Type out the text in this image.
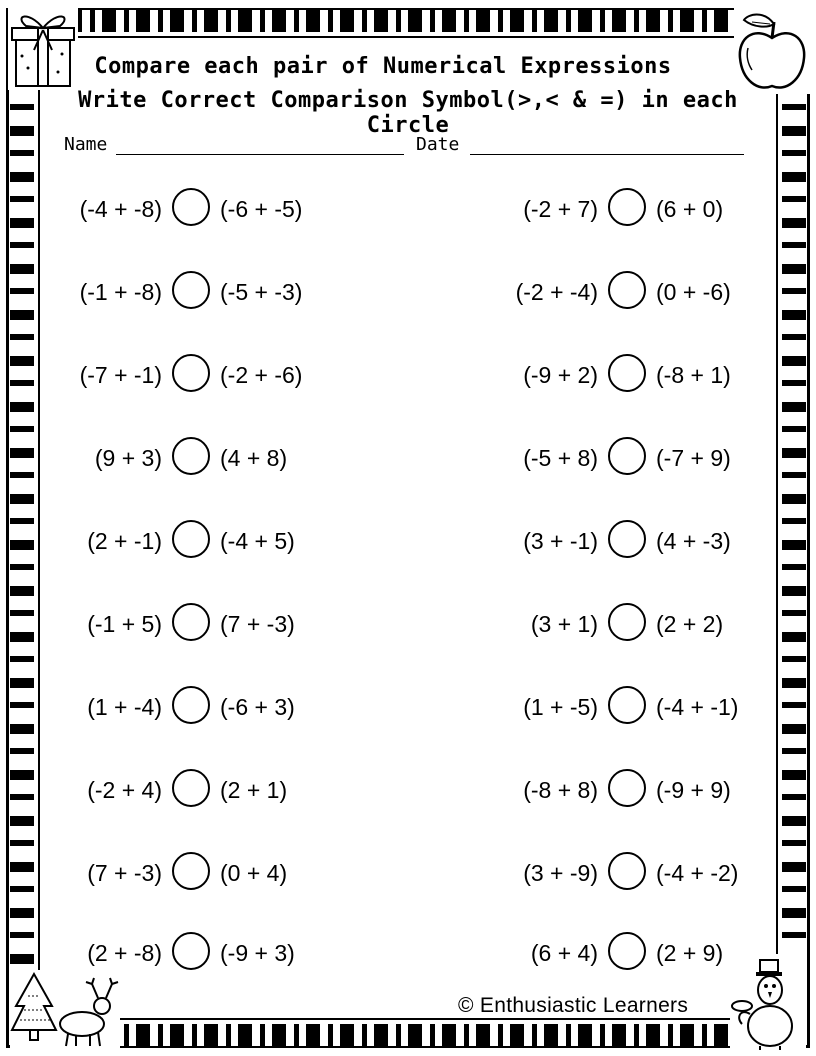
Compare each pair of Numerical Expressions
Write Correct Comparison Symbol(>,< & =) in each Circle
Name	Date
(-4 + -8)	(-6 + -5)
(-1 + -8)	(-5 + -3)
(-7 + -1)	(-2 + -6)
(9 + 3)	(4 + 8)
(2 + -1)	(-4 + 5)
(-1 + 5)	(7 + -3)
(1 + -4)	(-6 + 3)
(-2 + 4)	(2 + 1)
(7 + -3)	(0 + 4)
(2 + -8)	(-9 + 3)
(-2 + 7)	(6 + 0)
(-2 + -4)	(0 + -6)
(-9 + 2)	(-8 + 1)
(-5 + 8)	(-7 + 9)
(3 + -1)	(4 + -3)
(3 + 1)	(2 + 2)
(1 + -5)	(-4 + -1)
(-8 + 8)	(-9 + 9)
(3 + -9)	(-4 + -2)
(6 + 4)	(2 + 9)
© Enthusiastic Learners
